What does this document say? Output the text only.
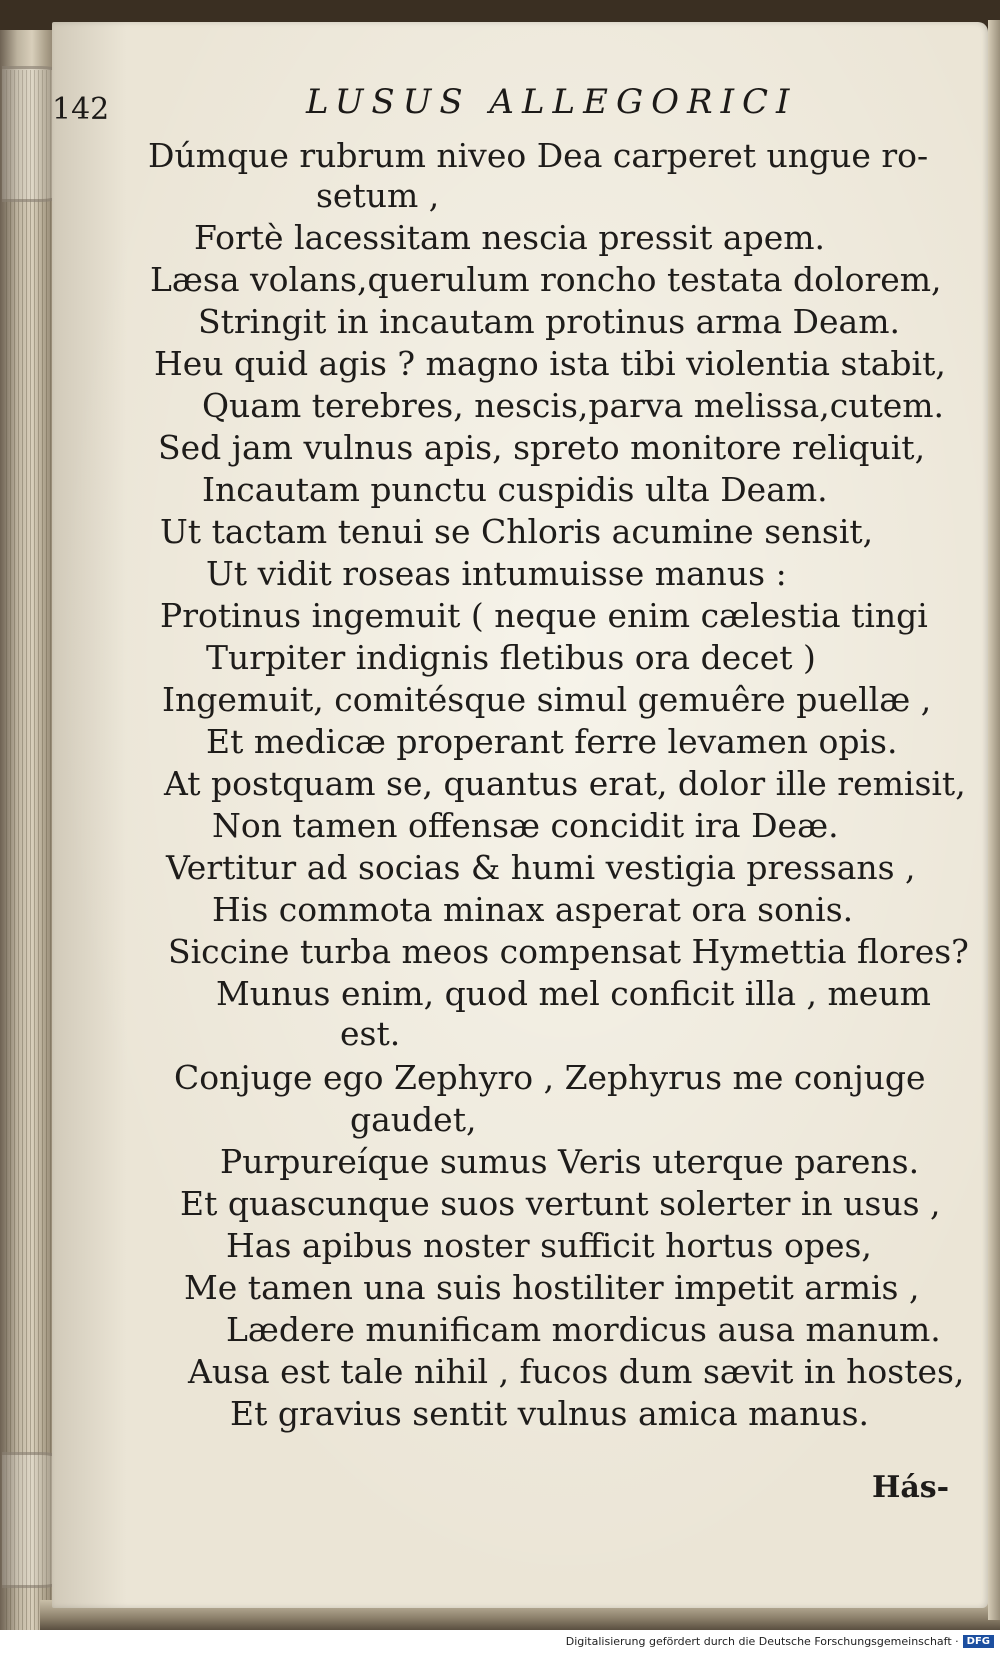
142	LUSUS ALLEGORICI
Dúmque rubrum niveo Dea carperet ungue ro-
setum ,
Fortè lacessitam nescia pressit apem.
Læsa volans,querulum roncho testata dolorem,
Stringit in incautam protinus arma Deam.
Heu quid agis ? magno ista tibi violentia stabit,
Quam terebres, nescis,parva melissa,cutem.
Sed jam vulnus apis, spreto monitore reliquit,
Incautam punctu cuspidis ulta Deam.
Ut tactam tenui se Chloris acumine sensit,
Ut vidit roseas intumuisse manus :
Protinus ingemuit ( neque enim cælestia tingi
Turpiter indignis fletibus ora decet )
Ingemuit, comitésque simul gemuêre puellæ ,
Et medicæ properant ferre levamen opis.
At postquam se, quantus erat, dolor ille remisit,
Non tamen offensæ concidit ira Deæ.
Vertitur ad socias & humi vestigia pressans ,
His commota minax asperat ora sonis.
Siccine turba meos compensat Hymettia flores?
Munus enim, quod mel conficit illa , meum
est.
Conjuge ego Zephyro , Zephyrus me conjuge
gaudet,
Purpureíque sumus Veris uterque parens.
Et quascunque suos vertunt solerter in usus ,
Has apibus noster sufficit hortus opes,
Me tamen una suis hostiliter impetit armis ,
Lædere munificam mordicus ausa manum.
Ausa est tale nihil , fucos dum sævit in hostes,
Et gravius sentit vulnus amica manus.
Hás-
Digitalisierung gefördert durch die Deutsche Forschungsgemeinschaft · DFG
